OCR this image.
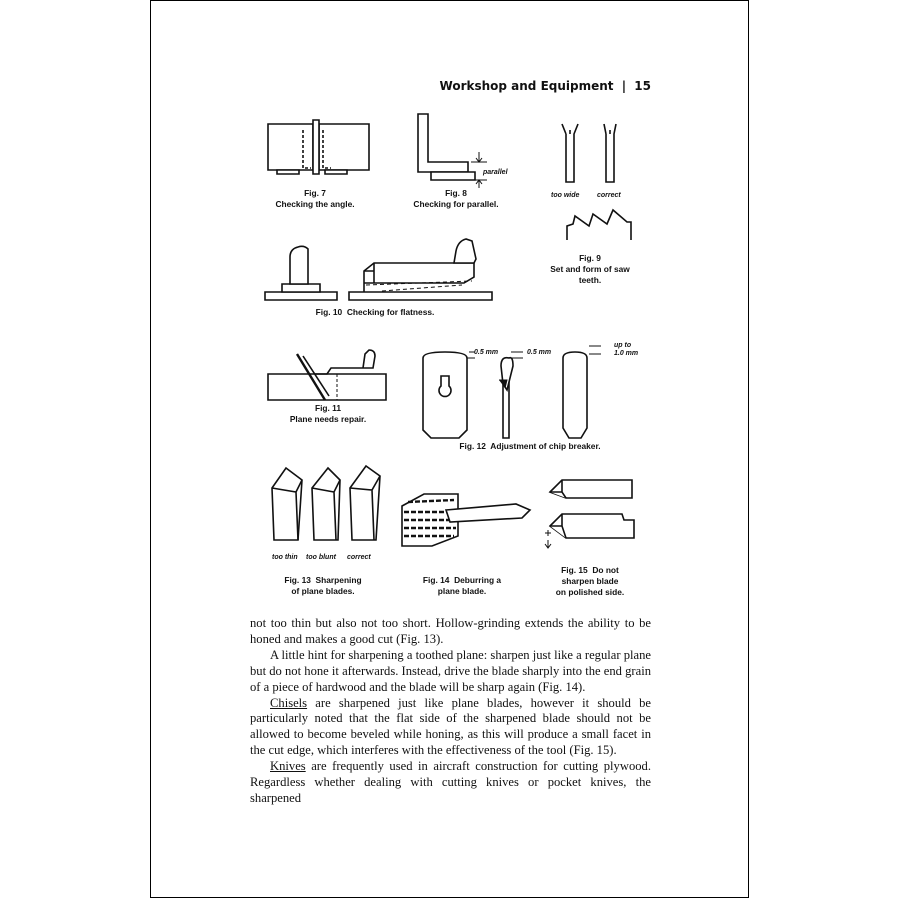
Workshop and Equipment | 15
Fig. 7
Checking the angle.
parallel
Fig. 8
Checking for parallel.
too wide	correct
Fig. 9
Set and form of saw
teeth.
Fig. 10 Checking for flatness.
Fig. 11
Plane needs repair.
0.5 mm	0.5 mm
up to
1.0 mm
Fig. 12 Adjustment of chip breaker.
too thin too blunt correct
Fig. 13 Sharpening
of plane blades.
Fig. 14 Deburring a
plane blade.
Fig. 15 Do not
sharpen blade
on polished side.

not too thin but also not too short. Hollow-grinding extends the ability to be honed and makes a good cut (Fig. 13).

A little hint for sharpening a toothed plane: sharpen just like a regular plane but do not hone it afterwards. Instead, drive the blade sharply into the end grain of a piece of hardwood and the blade will be sharp again (Fig. 14).

Chisels are sharpened just like plane blades, however it should be particularly noted that the flat side of the sharpened blade should not be allowed to become beveled while honing, as this will produce a small facet in the cut edge, which interferes with the effectiveness of the tool (Fig. 15).

Knives are frequently used in aircraft construction for cutting plywood. Regardless whether dealing with cutting knives or pocket knives, the sharpened
